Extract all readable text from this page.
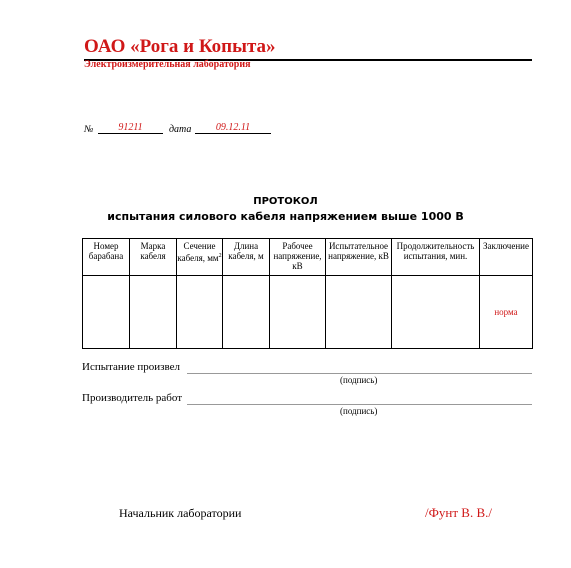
ОАО «Рога и Копыта»
Электроизмерительная лаборатория
№	91211	дата	09.12.11
ПРОТОКОЛ
испытания силового кабеля напряжением выше 1000 В
Номер барабана	Марка кабеля	Сечение кабеля, $мм^2$	Длина кабеля, м	Рабочее напряжение, кВ	Испытательное напряжение, кВ	Продолжительность испытания, мин.	Заключение
							норма
Испытание произвел
(подпись)
Производитель работ
(подпись)
Начальник лаборатории	/Фунт В. В./
